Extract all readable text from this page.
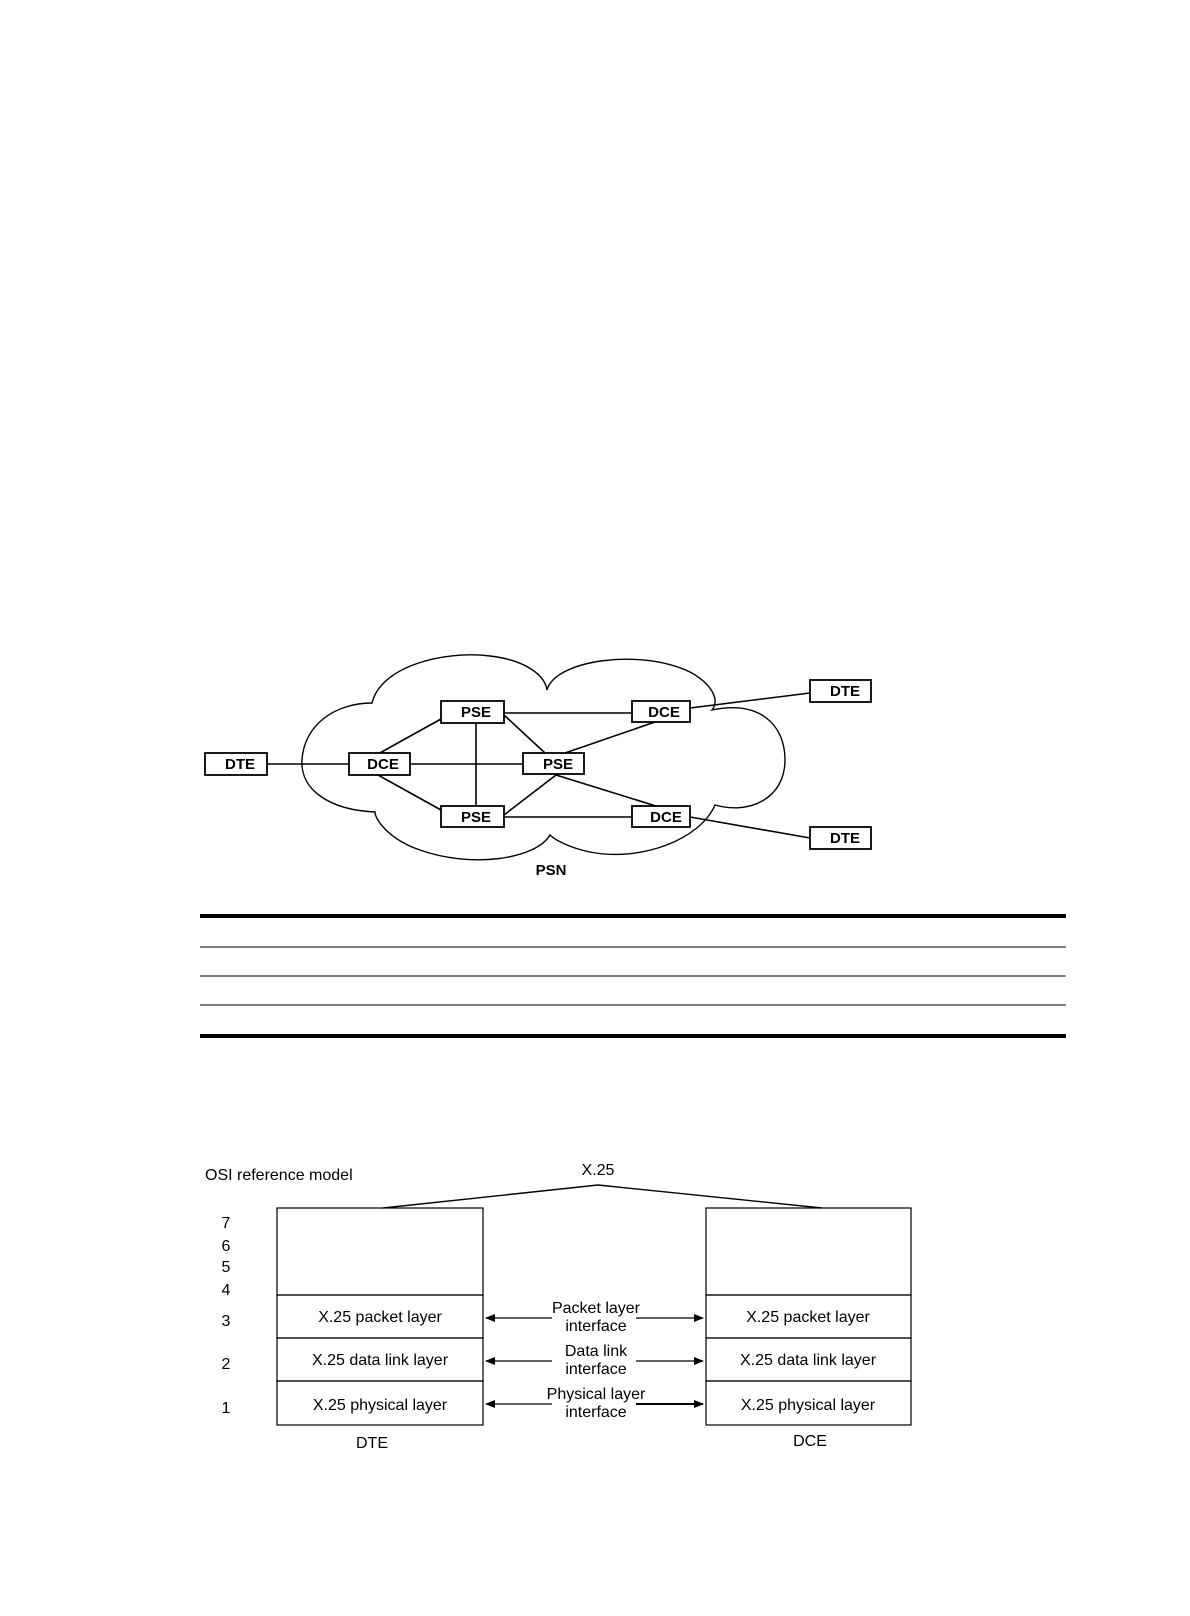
DTE	DCE
PSE
PSE
PSE
DCE
DCE
DTE
DTE
PSN
OSI reference model	X.25
7
6
5
4
3
2
1
X.25 packet layer
X.25 data link layer
X.25 physical layer
DTE
X.25 packet layer
X.25 data link layer
X.25 physical layer
DCE
Packet layer
interface
Data link
interface
Physical layer
interface
